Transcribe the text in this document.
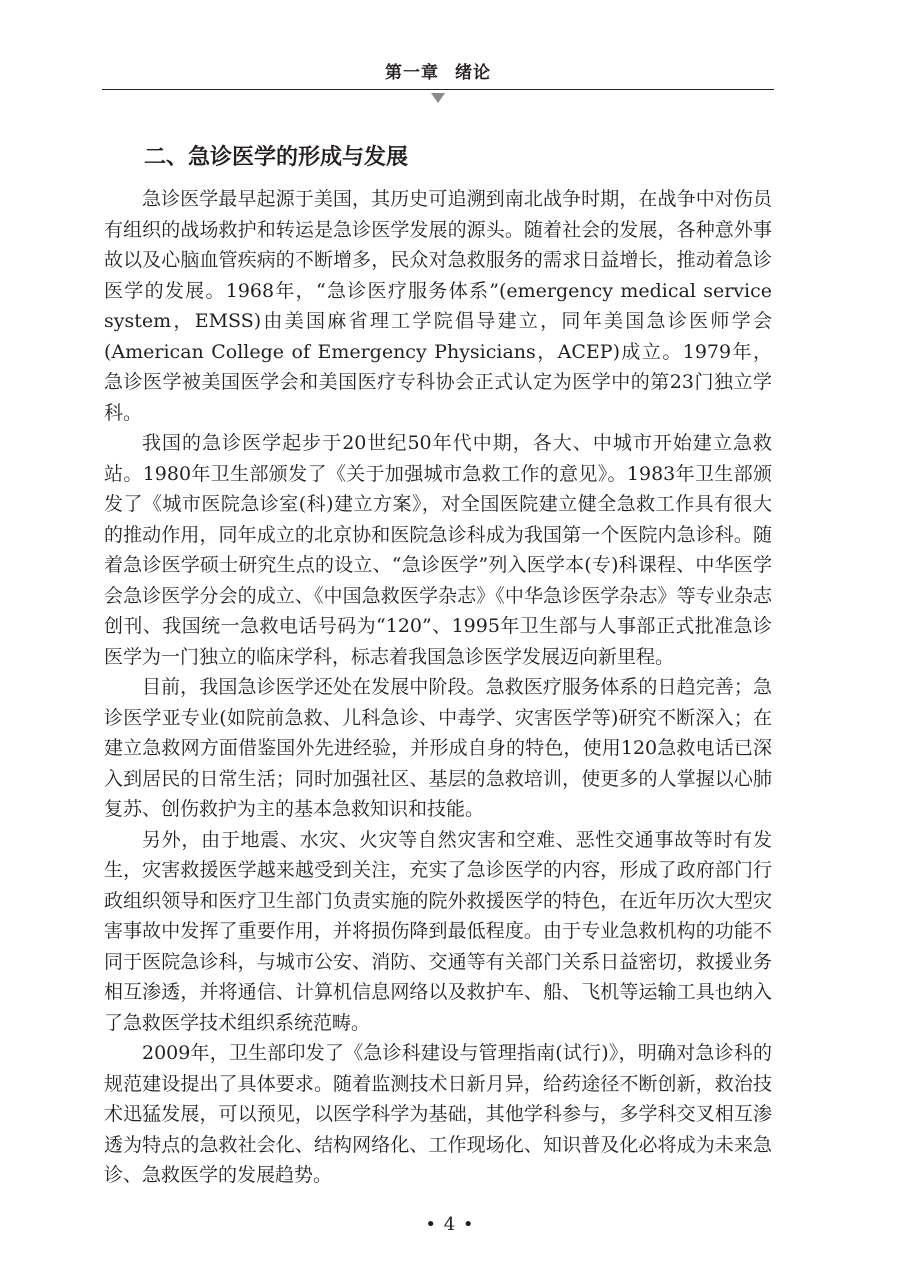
第一章 绪论
二、急诊医学的形成与发展

急诊医学最早起源于美国，其历史可追溯到南北战争时期，在战争中对伤员有组织的战场救护和转运是急诊医学发展的源头。随着社会的发展，各种意外事故以及心脑血管疾病的不断增多，民众对急救服务的需求日益增长，推动着急诊医学的发展。1968年，“急诊医疗服务体系”(emergency medical service system，EMSS)由美国麻省理工学院倡导建立，同年美国急诊医师学会(American College of Emergency Physicians，ACEP)成立。1979年，急诊医学被美国医学会和美国医疗专科协会正式认定为医学中的第23门独立学科。

我国的急诊医学起步于20世纪50年代中期，各大、中城市开始建立急救站。1980年卫生部颁发了《关于加强城市急救工作的意见》。1983年卫生部颁发了《城市医院急诊室(科)建立方案》，对全国医院建立健全急救工作具有很大的推动作用，同年成立的北京协和医院急诊科成为我国第一个医院内急诊科。随着急诊医学硕士研究生点的设立、“急诊医学”列入医学本(专)科课程、中华医学会急诊医学分会的成立、《中国急救医学杂志》《中华急诊医学杂志》等专业杂志创刊、我国统一急救电话号码为“120”、1995年卫生部与人事部正式批准急诊医学为一门独立的临床学科，标志着我国急诊医学发展迈向新里程。

目前，我国急诊医学还处在发展中阶段。急救医疗服务体系的日趋完善；急诊医学亚专业(如院前急救、儿科急诊、中毒学、灾害医学等)研究不断深入；在建立急救网方面借鉴国外先进经验，并形成自身的特色，使用120急救电话已深入到居民的日常生活；同时加强社区、基层的急救培训，使更多的人掌握以心肺复苏、创伤救护为主的基本急救知识和技能。

另外，由于地震、水灾、火灾等自然灾害和空难、恶性交通事故等时有发生，灾害救援医学越来越受到关注，充实了急诊医学的内容，形成了政府部门行政组织领导和医疗卫生部门负责实施的院外救援医学的特色，在近年历次大型灾害事故中发挥了重要作用，并将损伤降到最低程度。由于专业急救机构的功能不同于医院急诊科，与城市公安、消防、交通等有关部门关系日益密切，救援业务相互渗透，并将通信、计算机信息网络以及救护车、船、飞机等运输工具也纳入了急救医学技术组织系统范畴。

2009年，卫生部印发了《急诊科建设与管理指南(试行)》，明确对急诊科的规范建设提出了具体要求。随着监测技术日新月异，给药途径不断创新，救治技术迅猛发展，可以预见，以医学科学为基础，其他学科参与，多学科交叉相互渗透为特点的急救社会化、结构网络化、工作现场化、知识普及化必将成为未来急诊、急救医学的发展趋势。

• 4 •
